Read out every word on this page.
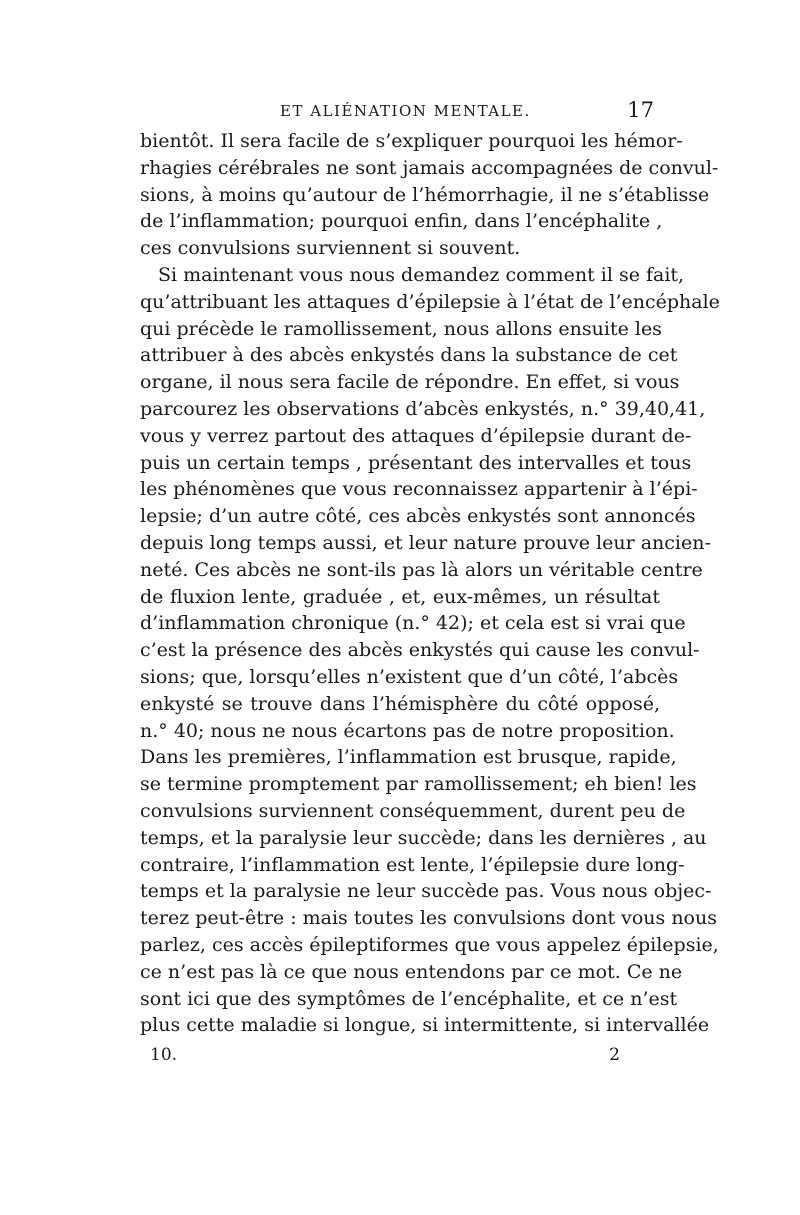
ET ALIÉNATION MENTALE.	17
bientôt. Il sera facile de s’expliquer pourquoi les hémor-
rhagies cérébrales ne sont jamais accompagnées de convul-
sions, à moins qu’autour de l’hémorrhagie, il ne s’ét‌ablisse
de l’inflammation; pourquoi enfin, dans l’encéphalite ,
ces convulsions surviennent si souvent.
Si maintenant vous nous demandez comment il se fait,
qu’attribuant les attaques d’épilepsie à l’état de l’encéphale
qui précède le ramollissement, nous allons ensuite les
attribuer à des abcès enkystés dans la substance de cet
organe, il nous sera facile de répondre. En effet, si vous
parcourez les observations d’abcès enkystés, n.° 39,40,41,
vous y verrez partout des attaques d’épilepsie durant de-
puis un certain temps , présentant des intervalles et tous
les phénomènes que vous reconnaissez appartenir à l’épi-
lepsie; d’un autre côté, ces abcès enkystés sont annoncés
depuis long temps aussi, et leur nature prouve leur ancien-
neté. Ces abcès ne sont-ils pas là alors un véritable centre
de fluxion lente, graduée , et, eux-mêmes, un résultat
d’inflammation chronique (n.° 42); et cela est si vrai que
c’est la présence des abcès enkystés qui cause les convul-
sions; que, lorsqu’elles n’existent que d’un côté, l’abcès
enkysté se trouve dans l’hémisphère du côté opposé,
n.° 40; nous ne nous écartons pas de notre proposition.
Dans les premières, l’inflammation est brusque, rapide,
se termine promptement par ramollissement; eh bien! les
convulsions surviennent conséquemment, durent peu de
temps, et la paralysie leur succède; dans les dernières , au
contraire, l’inflammation est lente, l’épilepsie dure long-
temps et la paralysie ne leur succède pas. Vous nous objec-
terez peut-être : mais toutes les convulsions dont vous nous
parlez, ces accès épileptiformes que vous appelez épilepsie,
ce n’est pas là ce que nous entendons par ce mot. Ce ne
sont ici que des symptômes de l’encéphalite, et ce n’est
plus cette maladie si longue, si intermittente, si intervallée
10.	2
